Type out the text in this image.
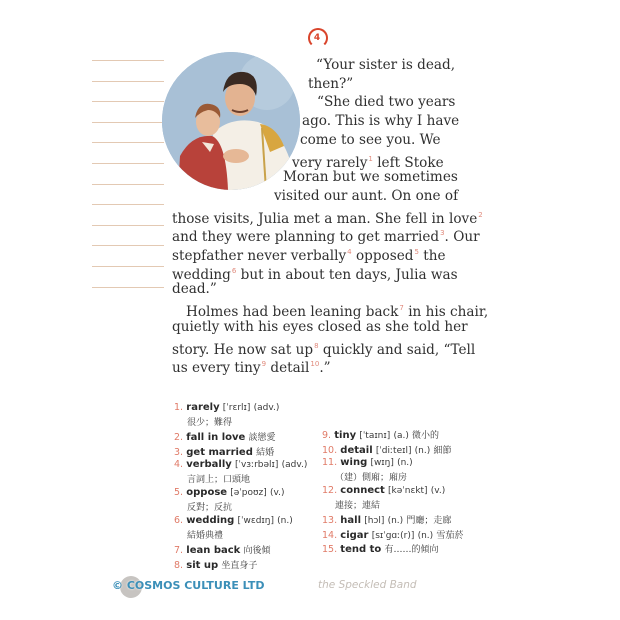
4
“Your sister is dead,
then?”
“She died two years
ago. This is why I have
come to see you. We
very rarely$^1$ left Stoke
Moran but we sometimes
visited our aunt. On one of
those visits, Julia met a man. She fell in love$^2$
and they were planning to get married$^3$. Our
stepfather never verbally$^4$ opposed$^5$ the
wedding$^6$ but in about ten days, Julia was
dead.”
Holmes had been leaning back$^7$ in his chair,
quietly with his eyes closed as she told her
story. He now sat up$^8$ quickly and said, “Tell
us every tiny$^9$ detail$^{10}$.”
1. rarely [ˈrɛrlɪ] (adv.)
很少；難得
2. fall in love 談戀愛
3. get married 結婚
4. verbally [ˈvɜːrbəlɪ] (adv.)
言詞上；口頭地
5. oppose [əˈpoʊz] (v.)
反對；反抗
6. wedding [ˈwɛdɪŋ] (n.)
結婚典禮
7. lean back 向後傾
8. sit up 坐直身子
9. tiny [ˈtaɪnɪ] (a.) 微小的
10. detail [ˈdiːteɪl] (n.) 細節
11. wing [wɪŋ] (n.)
（建）側廂；廂房
12. connect [kəˈnɛkt] (v.)
連接；連結
13. hall [hɔl] (n.) 門廳；走廊
14. cigar [sɪˈgɑː(r)] (n.) 雪茄菸
15. tend to 有……的傾向
the Speckled Band
© COSMOS CULTURE LTD
